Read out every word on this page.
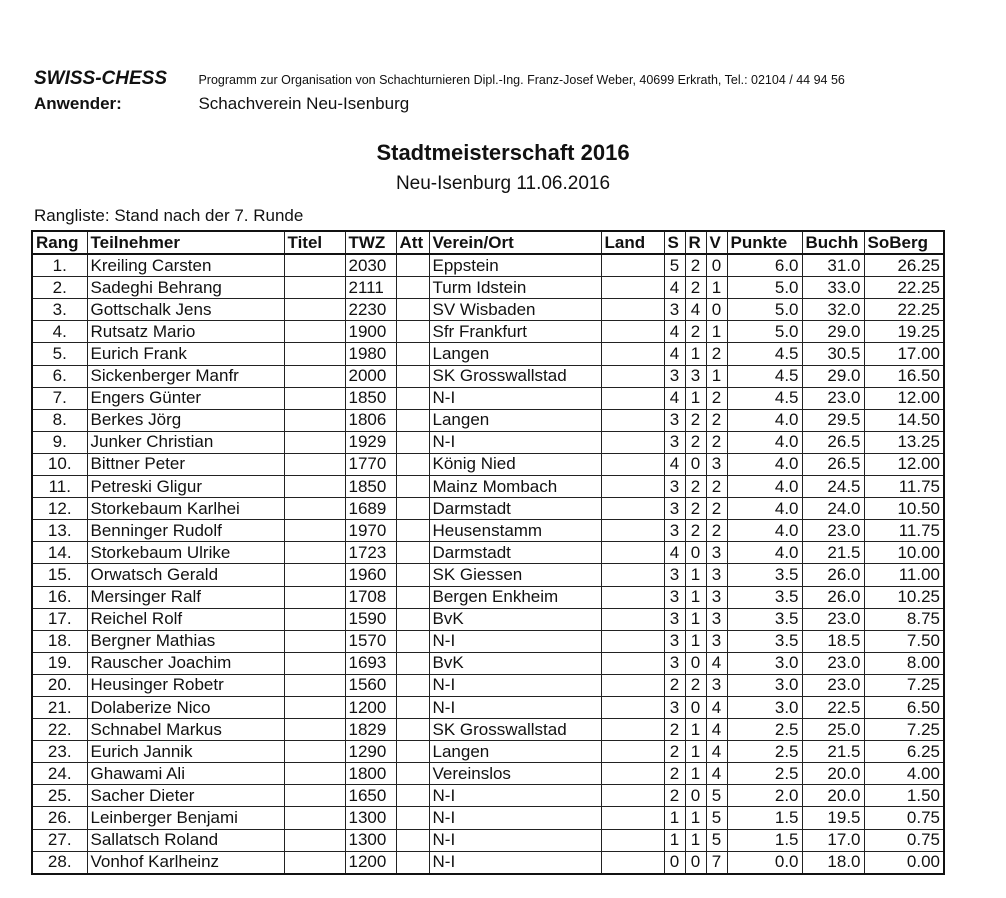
SWISS-CHESS	Programm zur Organisation von Schachturnieren Dipl.-Ing. Franz-Josef Weber, 40699 Erkrath, Tel.: 02104 / 44 94 56
Anwender:	Schachverein Neu-Isenburg
Stadtmeisterschaft 2016
Neu-Isenburg 11.06.2016
Rangliste: Stand nach der 7. Runde
Rang	Teilnehmer	Titel	TWZ	Att	Verein/Ort	Land	S	R	V	Punkte	Buchh	SoBerg
1.	Kreiling Carsten		2030		Eppstein		5	2	0	6.0	31.0	26.25
2.	Sadeghi Behrang		2111		Turm Idstein		4	2	1	5.0	33.0	22.25
3.	Gottschalk Jens		2230		SV Wisbaden		3	4	0	5.0	32.0	22.25
4.	Rutsatz Mario		1900		Sfr Frankfurt		4	2	1	5.0	29.0	19.25
5.	Eurich Frank		1980		Langen		4	1	2	4.5	30.5	17.00
6.	Sickenberger Manfr		2000		SK Grosswallstad		3	3	1	4.5	29.0	16.50
7.	Engers Günter		1850		N-I		4	1	2	4.5	23.0	12.00
8.	Berkes Jörg		1806		Langen		3	2	2	4.0	29.5	14.50
9.	Junker Christian		1929		N-I		3	2	2	4.0	26.5	13.25
10.	Bittner Peter		1770		König Nied		4	0	3	4.0	26.5	12.00
11.	Petreski Gligur		1850		Mainz Mombach		3	2	2	4.0	24.5	11.75
12.	Storkebaum Karlhei		1689		Darmstadt		3	2	2	4.0	24.0	10.50
13.	Benninger Rudolf		1970		Heusenstamm		3	2	2	4.0	23.0	11.75
14.	Storkebaum Ulrike		1723		Darmstadt		4	0	3	4.0	21.5	10.00
15.	Orwatsch Gerald		1960		SK Giessen		3	1	3	3.5	26.0	11.00
16.	Mersinger Ralf		1708		Bergen Enkheim		3	1	3	3.5	26.0	10.25
17.	Reichel Rolf		1590		BvK		3	1	3	3.5	23.0	8.75
18.	Bergner Mathias		1570		N-I		3	1	3	3.5	18.5	7.50
19.	Rauscher Joachim		1693		BvK		3	0	4	3.0	23.0	8.00
20.	Heusinger Robetr		1560		N-I		2	2	3	3.0	23.0	7.25
21.	Dolaberize Nico		1200		N-I		3	0	4	3.0	22.5	6.50
22.	Schnabel Markus		1829		SK Grosswallstad		2	1	4	2.5	25.0	7.25
23.	Eurich Jannik		1290		Langen		2	1	4	2.5	21.5	6.25
24.	Ghawami Ali		1800		Vereinslos		2	1	4	2.5	20.0	4.00
25.	Sacher Dieter		1650		N-I		2	0	5	2.0	20.0	1.50
26.	Leinberger Benjami		1300		N-I		1	1	5	1.5	19.5	0.75
27.	Sallatsch Roland		1300		N-I		1	1	5	1.5	17.0	0.75
28.	Vonhof Karlheinz		1200		N-I		0	0	7	0.0	18.0	0.00
